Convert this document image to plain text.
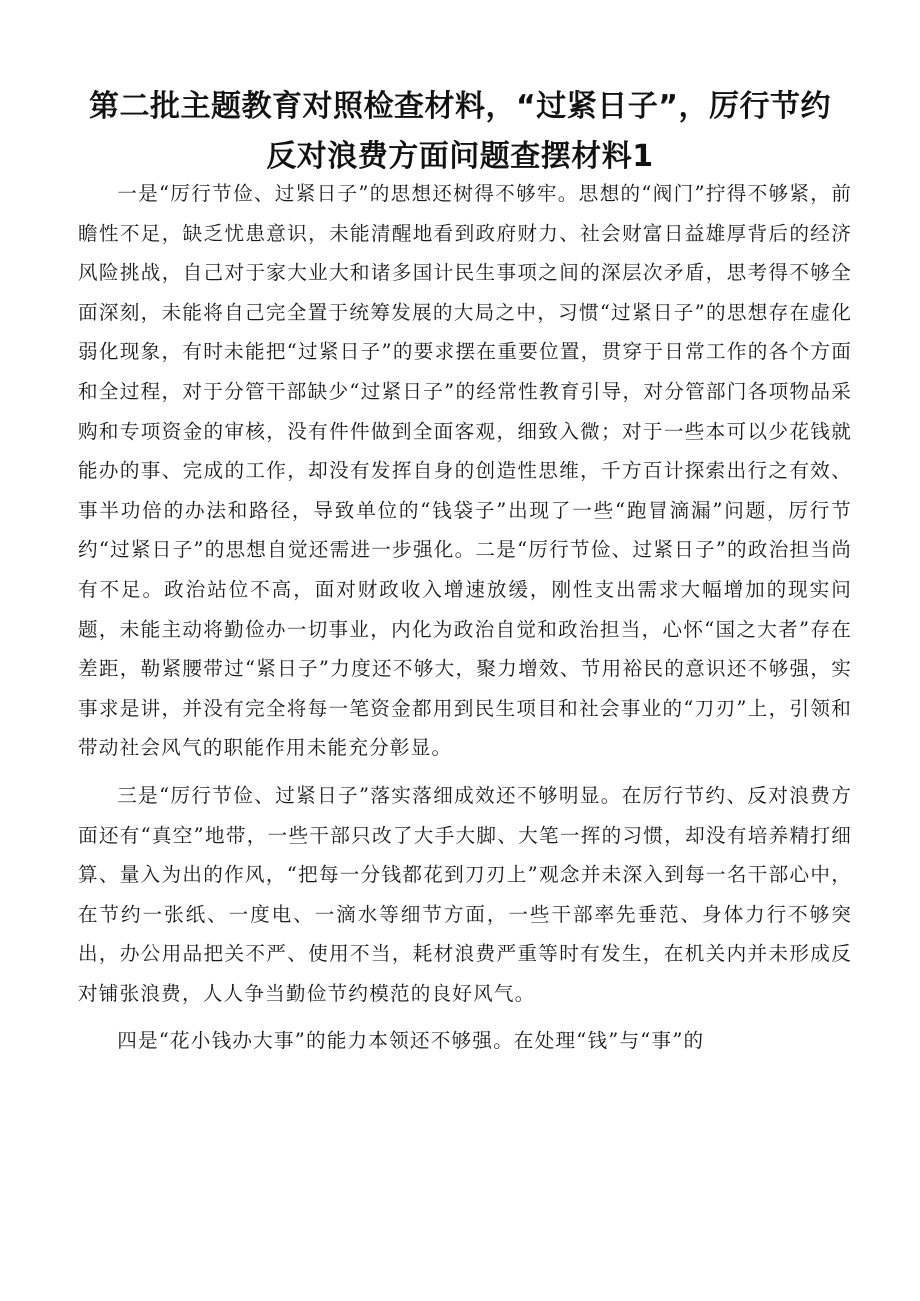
第二批主题教育对照检查材料，“过紧日子”，厉行节约反对浪费方面问题查摆材料1

一是“厉行节俭、过紧日子”的思想还树得不够牢。思想的“阀门”拧得不够紧，前瞻性不足，缺乏忧患意识，未能清醒地看到政府财力、社会财富日益雄厚背后的经济风险挑战，自己对于家大业大和诸多国计民生事项之间的深层次矛盾，思考得不够全面深刻，未能将自己完全置于统筹发展的大局之中，习惯“过紧日子”的思想存在虚化弱化现象，有时未能把“过紧日子”的要求摆在重要位置，贯穿于日常工作的各个方面和全过程，对于分管干部缺少“过紧日子”的经常性教育引导，对分管部门各项物品采购和专项资金的审核，没有件件做到全面客观，细致入微；对于一些本可以少花钱就能办的事、完成的工作，却没有发挥自身的创造性思维，千方百计探索出行之有效、事半功倍的办法和路径，导致单位的“钱袋子”出现了一些“跑冒滴漏”问题，厉行节约“过紧日子”的思想自觉还需进一步强化。二是“厉行节俭、过紧日子”的政治担当尚有不足。政治站位不高，面对财政收入增速放缓，刚性支出需求大幅增加的现实问题，未能主动将勤俭办一切事业，内化为政治自觉和政治担当，心怀“国之大者”存在差距，勒紧腰带过“紧日子”力度还不够大，聚力增效、节用裕民的意识还不够强，实事求是讲，并没有完全将每一笔资金都用到民生项目和社会事业的“刀刃”上，引领和带动社会风气的职能作用未能充分彰显。

三是“厉行节俭、过紧日子”落实落细成效还不够明显。在厉行节约、反对浪费方面还有“真空”地带，一些干部只改了大手大脚、大笔一挥的习惯，却没有培养精打细算、量入为出的作风，“把每一分钱都花到刀刃上”观念并未深入到每一名干部心中，在节约一张纸、一度电、一滴水等细节方面，一些干部率先垂范、身体力行不够突出，办公用品把关不严、使用不当，耗材浪费严重等时有发生，在机关内并未形成反对铺张浪费，人人争当勤俭节约模范的良好风气。

四是“花小钱办大事”的能力本领还不够强。在处理“钱”与“事”的
